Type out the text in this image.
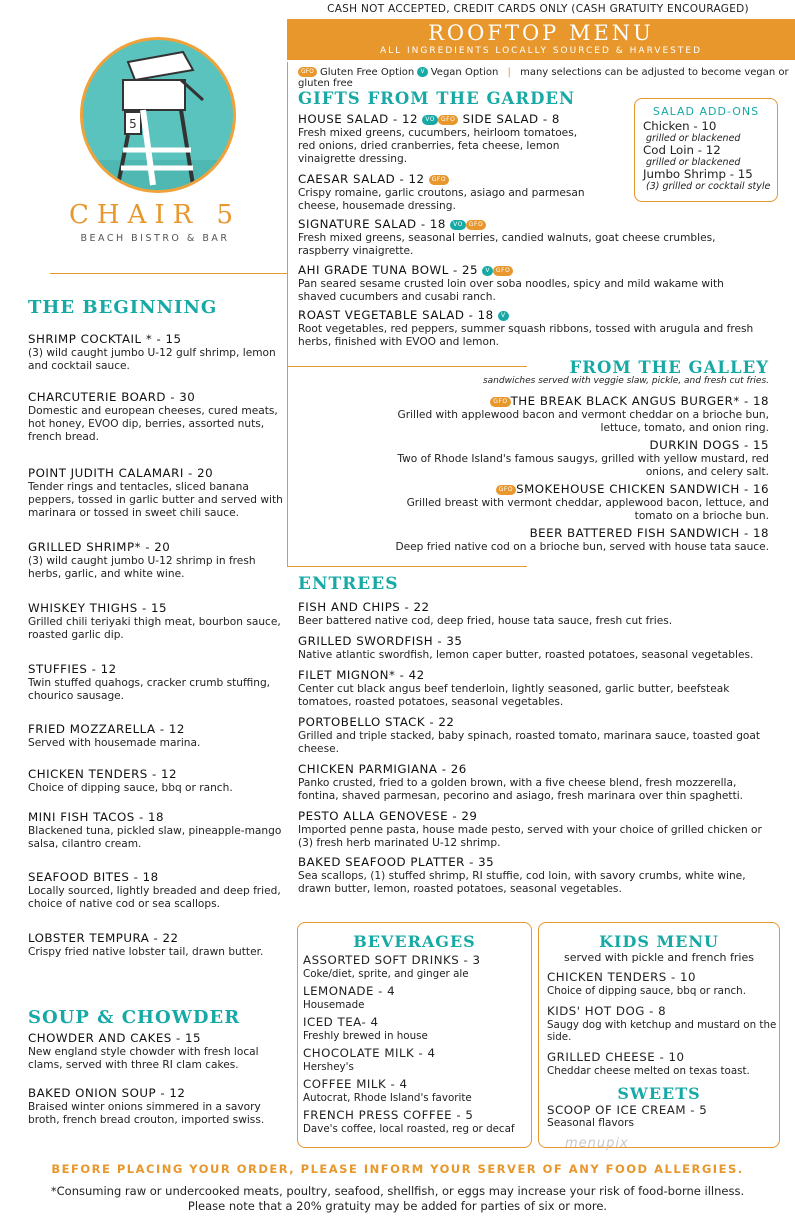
CASH NOT ACCEPTED, CREDIT CARDS ONLY (CASH GRATUITY ENCOURAGED)
ROOFTOP MENU
ALL INGREDIENTS LOCALLY SOURCED & HARVESTED
GFO Gluten Free Option V Vegan Option | many selections can be adjusted to become vegan or gluten free
5
CHAIR 5
BEACH BISTRO & BAR
THE BEGINNING
SHRIMP COCKTAIL * - 15
(3) wild caught jumbo U-12 gulf shrimp, lemon and cocktail sauce.
CHARCUTERIE BOARD - 30
Domestic and european cheeses, cured meats, hot honey, EVOO dip, berries, assorted nuts, french bread.
POINT JUDITH CALAMARI - 20
Tender rings and tentacles, sliced banana peppers, tossed in garlic butter and served with marinara or tossed in sweet chili sauce.
GRILLED SHRIMP* - 20
(3) wild caught jumbo U-12 shrimp in fresh herbs, garlic, and white wine.
WHISKEY THIGHS - 15
Grilled chili teriyaki thigh meat, bourbon sauce, roasted garlic dip.
STUFFIES - 12
Twin stuffed quahogs, cracker crumb stuffing, chourico sausage.
FRIED MOZZARELLA - 12
Served with housemade marina.
CHICKEN TENDERS - 12
Choice of dipping sauce, bbq or ranch.
MINI FISH TACOS - 18
Blackened tuna, pickled slaw, pineapple-mango salsa, cilantro cream.
SEAFOOD BITES - 18
Locally sourced, lightly breaded and deep fried, choice of native cod or sea scallops.
LOBSTER TEMPURA - 22
Crispy fried native lobster tail, drawn butter.
SOUP & CHOWDER
CHOWDER AND CAKES - 15
New england style chowder with fresh local clams, served with three RI clam cakes.
BAKED ONION SOUP - 12
Braised winter onions simmered in a savory broth, french bread crouton, imported swiss.
GIFTS FROM THE GARDEN
HOUSE SALAD - 12 VO GFO SIDE SALAD - 8
Fresh mixed greens, cucumbers, heirloom tomatoes, red onions, dried cranberries, feta cheese, lemon vinaigrette dressing.
CAESAR SALAD - 12 GFO
Crispy romaine, garlic croutons, asiago and parmesan cheese, housemade dressing.
SIGNATURE SALAD - 18 VO GFO
Fresh mixed greens, seasonal berries, candied walnuts, goat cheese crumbles, raspberry vinaigrette.
AHI GRADE TUNA BOWL - 25 V GFO
Pan seared sesame crusted loin over soba noodles, spicy and mild wakame with shaved cucumbers and cusabi ranch.
ROAST VEGETABLE SALAD - 18 V
Root vegetables, red peppers, summer squash ribbons, tossed with arugula and fresh herbs, finished with EVOO and lemon.
SALAD ADD-ONS
Chicken - 10
grilled or blackened
Cod Loin - 12
grilled or blackened
Jumbo Shrimp - 15
(3) grilled or cocktail style
FROM THE GALLEY
sandwiches served with veggie slaw, pickle, and fresh cut fries.
GFO THE BREAK BLACK ANGUS BURGER* - 18
Grilled with applewood bacon and vermont cheddar on a brioche bun,
lettuce, tomato, and onion ring.
DURKIN DOGS - 15
Two of Rhode Island's famous saugys, grilled with yellow mustard, red
onions, and celery salt.
GFO SMOKEHOUSE CHICKEN SANDWICH - 16
Grilled breast with vermont cheddar, applewood bacon, lettuce, and
tomato on a brioche bun.
BEER BATTERED FISH SANDWICH - 18
Deep fried native cod on a brioche bun, served with house tata sauce.
ENTREES
FISH AND CHIPS - 22
Beer battered native cod, deep fried, house tata sauce, fresh cut fries.
GRILLED SWORDFISH - 35
Native atlantic swordfish, lemon caper butter, roasted potatoes, seasonal vegetables.
FILET MIGNON* - 42
Center cut black angus beef tenderloin, lightly seasoned, garlic butter, beefsteak tomatoes, roasted potatoes, seasonal vegetables.
PORTOBELLO STACK - 22
Grilled and triple stacked, baby spinach, roasted tomato, marinara sauce, toasted goat cheese.
CHICKEN PARMIGIANA - 26
Panko crusted, fried to a golden brown, with a five cheese blend, fresh mozzerella, fontina, shaved parmesan, pecorino and asiago, fresh marinara over thin spaghetti.
PESTO ALLA GENOVESE - 29
Imported penne pasta, house made pesto, served with your choice of grilled chicken or (3) fresh herb marinated U-12 shrimp.
BAKED SEAFOOD PLATTER - 35
Sea scallops, (1) stuffed shrimp, RI stuffie, cod loin, with savory crumbs, white wine, drawn butter, lemon, roasted potatoes, seasonal vegetables.
BEVERAGES
ASSORTED SOFT DRINKS - 3
Coke/diet, sprite, and ginger ale
LEMONADE - 4
Housemade
ICED TEA- 4
Freshly brewed in house
CHOCOLATE MILK - 4
Hershey's
COFFEE MILK - 4
Autocrat, Rhode Island's favorite
FRENCH PRESS COFFEE - 5
Dave's coffee, local roasted, reg or decaf
KIDS MENU
served with pickle and french fries
CHICKEN TENDERS - 10
Choice of dipping sauce, bbq or ranch.
KIDS' HOT DOG - 8
Saugy dog with ketchup and mustard on the side.
GRILLED CHEESE - 10
Cheddar cheese melted on texas toast.
SWEETS
SCOOP OF ICE CREAM - 5
Seasonal flavors
menupix
BEFORE PLACING YOUR ORDER, PLEASE INFORM YOUR SERVER OF ANY FOOD ALLERGIES.
*Consuming raw or undercooked meats, poultry, seafood, shellfish, or eggs may increase your risk of food-borne illness.
Please note that a 20% gratuity may be added for parties of six or more.
